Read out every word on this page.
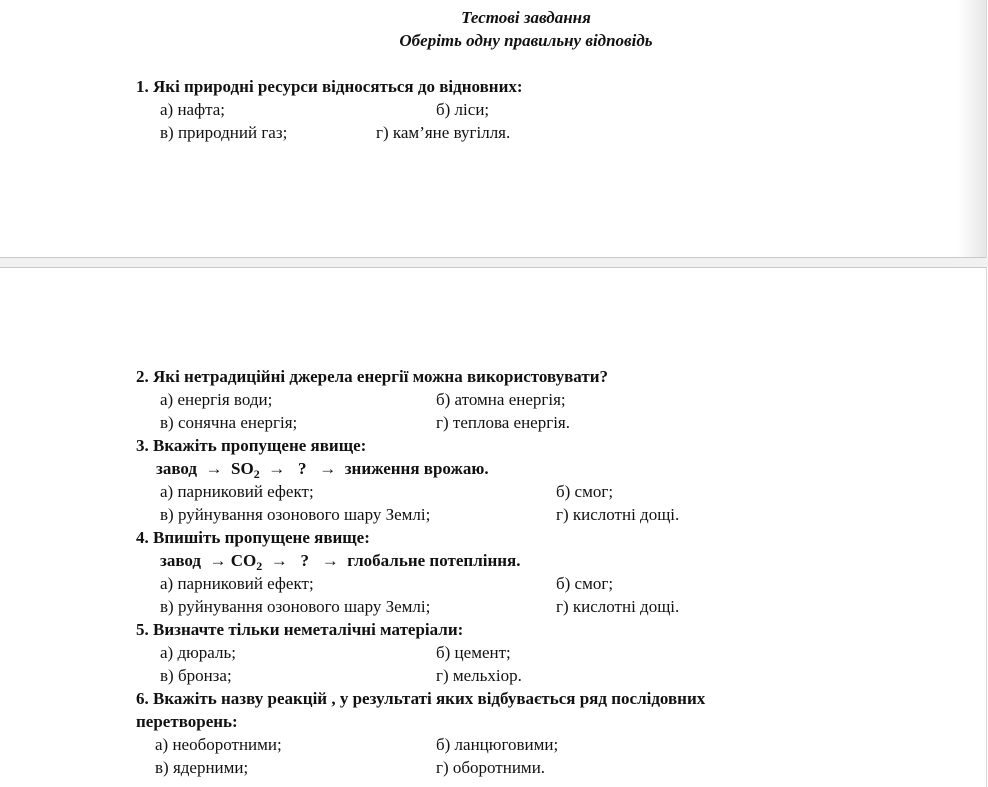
Тестові завдання
Оберіть одну правильну відповідь
1. Які природні ресурси відносяться до відновних:
а) нафта;	б) ліси;
в) природний газ;	г) кам’яне вугілля.
2. Які нетрадиційні джерела енергії можна використовувати?
а) енергія води;	б) атомна енергія;
в) сонячна енергія;	г) теплова енергія.
3. Вкажіть пропущене явище:
завод  →  $SO_2$  →   ?   →  зниження врожаю.
а) парниковий ефект;	б) смог;
в) руйнування озонового шару Землі;	г) кислотні дощі.
4. Впишіть пропущене явище:
завод  → $CO_2$  →   ?   →  глобальне потепління.
а) парниковий ефект;	б) смог;
в) руйнування озонового шару Землі;	г) кислотні дощі.
5. Визначте тільки неметалічні матеріали:
а) дюраль;	б) цемент;
в) бронза;	г) мельхіор.
6. Вкажіть назву реакцій , у результаті яких відбувається ряд послідовних
перетворень:
а) необоротними;	б) ланцюговими;
в) ядерними;	г) оборотними.
